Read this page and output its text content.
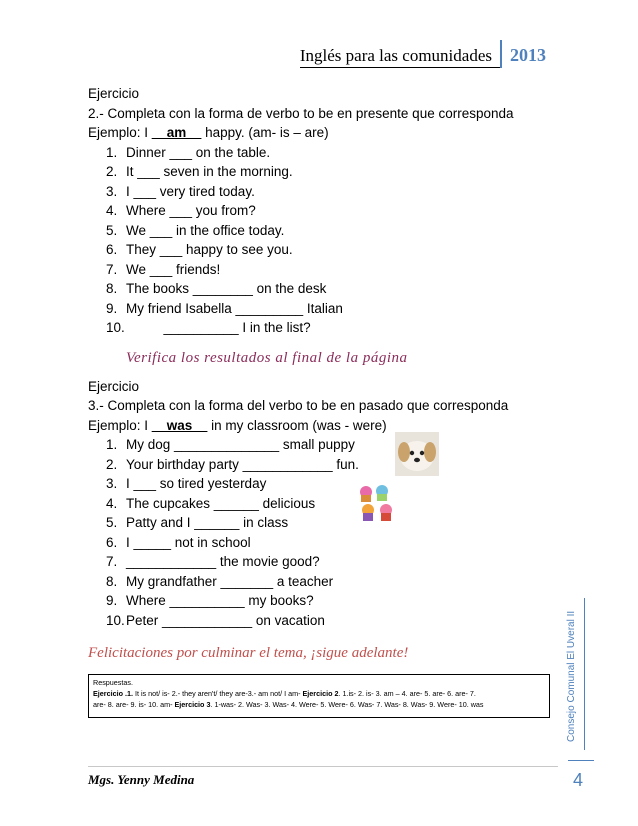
Inglés para las comunidades	2013
Ejercicio
2.- Completa con la forma de verbo to be en presente que corresponda
Ejemplo: I __am__ happy. (am- is – are)
1. Dinner ___ on the table.
2. It ___ seven in the morning.
3. I ___ very tired today.
4. Where ___ you from?
5. We ___ in the office today.
6. They ___ happy to see you.
7. We ___ friends!
8. The books ________ on the desk
9. My friend Isabella _________ Italian
10.          __________ I in the list?
Verifica los resultados al final de la página
Ejercicio
3.- Completa con la forma del verbo to be en pasado que corresponda
Ejemplo: I __was__ in my classroom (was - were)
1. My dog ______________ small puppy
2. Your birthday party ____________ fun.
3. I ___ so tired yesterday
4. The cupcakes ______ delicious
5. Patty and I ______ in class
6. I _____ not in school
7. ____________ the movie good?
8. My grandfather _______ a teacher
9. Where __________ my books?
10.Peter ____________ on vacation
Felicitaciones por culminar el tema, ¡sigue adelante!
Respuestas.
Ejercicio .1. It is not/ is- 2.- they aren't/ they are-3.- am not/ I am- Ejercicio 2. 1.is- 2. is- 3. am – 4. are- 5. are- 6. are- 7.
are- 8. are- 9. is- 10. am- Ejercicio 3. 1-was- 2. Was- 3. Was- 4. Were- 5. Were- 6. Was- 7. Was- 8. Was- 9. Were- 10. was	Consejo Comunal El Uveral II
4
Mgs. Yenny Medina
